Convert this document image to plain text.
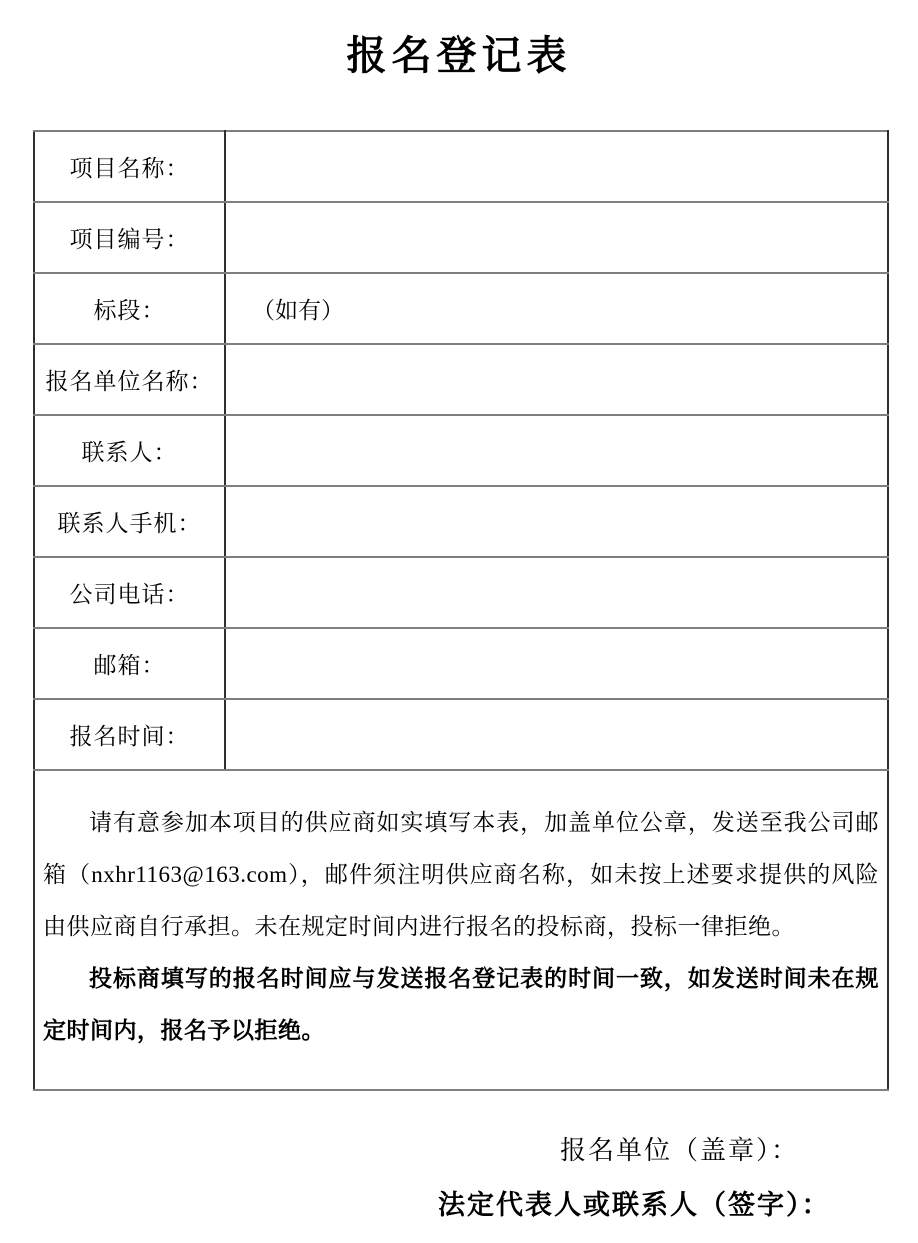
报名登记表
项目名称：	
项目编号：	
标段：	（如有）
报名单位名称：	
联系人：	
联系人手机：	
公司电话：	
邮箱：	
报名时间：	

请有意参加本项目的供应商如实填写本表，加盖单位公章，发送至我公司邮箱（nxhr1163@163.com），邮件须注明供应商名称，如未按上述要求提供的风险由供应商自行承担。未在规定时间内进行报名的投标商，投标一律拒绝。

投标商填写的报名时间应与发送报名登记表的时间一致，如发送时间未在规定时间内，报名予以拒绝。	

报名单位（盖章）：
法定代表人或联系人（签字）：
